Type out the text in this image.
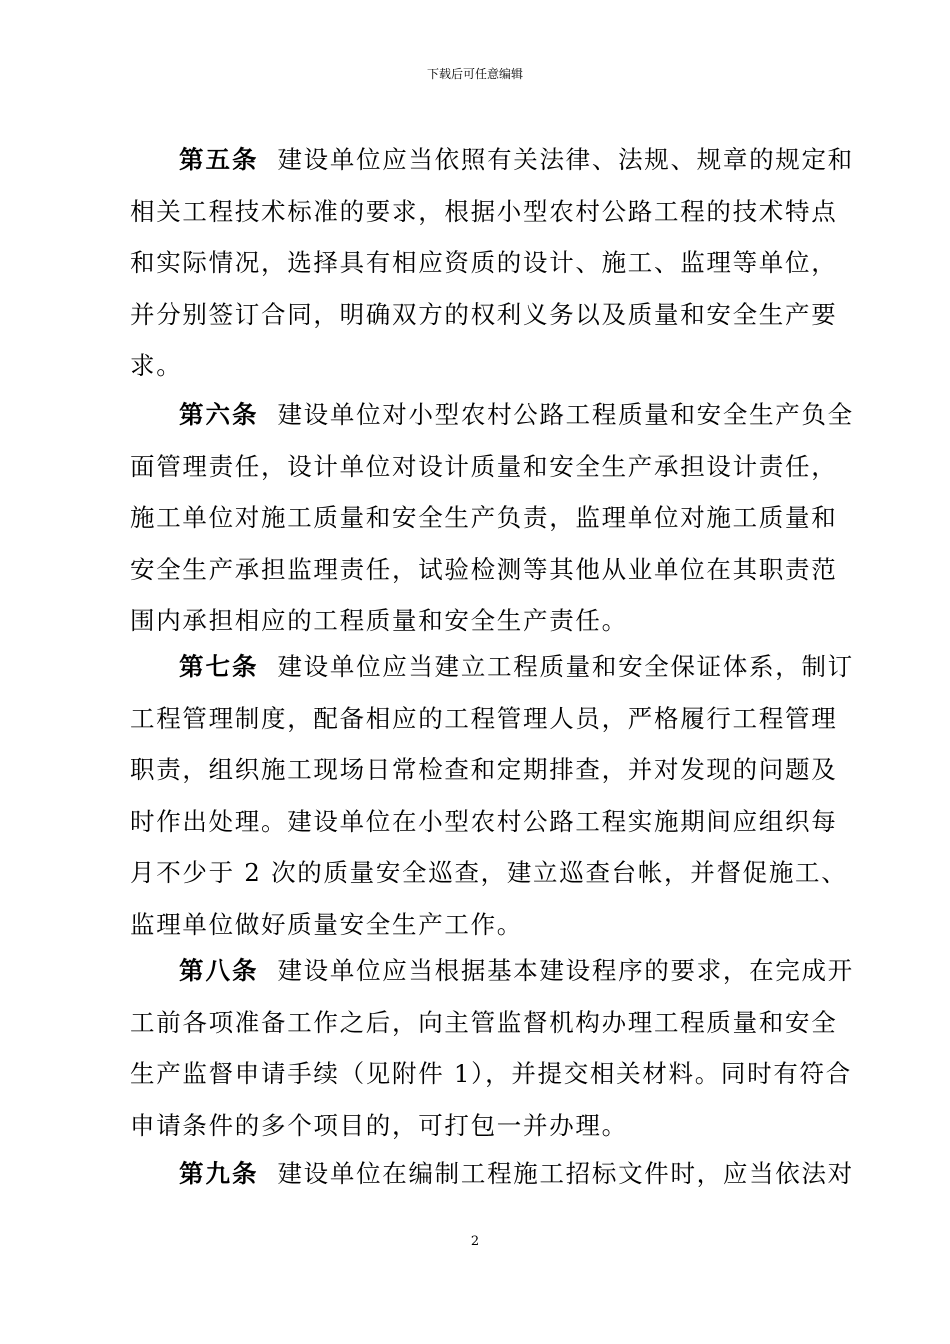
下载后可任意编辑
第五条 建设单位应当依照有关法律、法规、规章的规定和
相关工程技术标准的要求，根据小型农村公路工程的技术特点
和实际情况，选择具有相应资质的设计、施工、监理等单位，
并分别签订合同，明确双方的权利义务以及质量和安全生产要
求。
第六条 建设单位对小型农村公路工程质量和安全生产负全
面管理责任，设计单位对设计质量和安全生产承担设计责任，
施工单位对施工质量和安全生产负责，监理单位对施工质量和
安全生产承担监理责任，试验检测等其他从业单位在其职责范
围内承担相应的工程质量和安全生产责任。
第七条 建设单位应当建立工程质量和安全保证体系，制订
工程管理制度，配备相应的工程管理人员，严格履行工程管理
职责，组织施工现场日常检查和定期排查，并对发现的问题及
时作出处理。建设单位在小型农村公路工程实施期间应组织每
月不少于 2 次的质量安全巡查，建立巡查台帐，并督促施工、
监理单位做好质量安全生产工作。
第八条 建设单位应当根据基本建设程序的要求，在完成开
工前各项准备工作之后，向主管监督机构办理工程质量和安全
生产监督申请手续（见附件 1），并提交相关材料。同时有符合
申请条件的多个项目的，可打包一并办理。
第九条 建设单位在编制工程施工招标文件时，应当依法对
2
